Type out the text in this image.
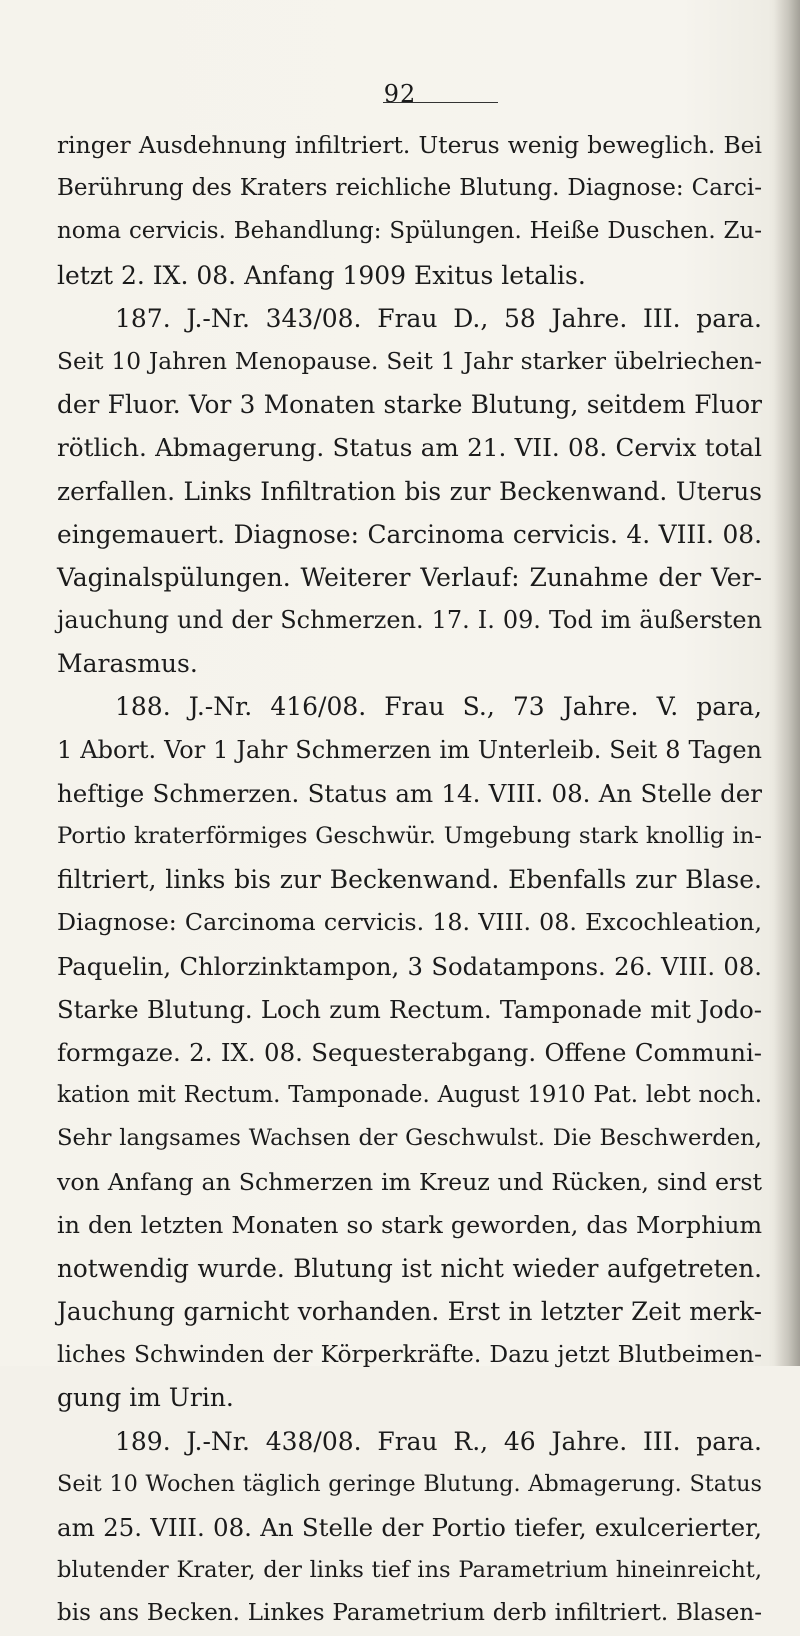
92
ringer Ausdehnung infiltriert. Uterus wenig beweglich. Bei
Berührung des Kraters reichliche Blutung. Diagnose: Carci-
noma cervicis. Behandlung: Spülungen. Heiße Duschen. Zu-
letzt 2. IX. 08. Anfang 1909 Exitus letalis.
187. J.-Nr. 343/08. Frau D., 58 Jahre. III. para.
Seit 10 Jahren Menopause. Seit 1 Jahr starker übelriechen-
der Fluor. Vor 3 Monaten starke Blutung, seitdem Fluor
rötlich. Abmagerung. Status am 21. VII. 08. Cervix total
zerfallen. Links Infiltration bis zur Beckenwand. Uterus
eingemauert. Diagnose: Carcinoma cervicis. 4. VIII. 08.
Vaginalspülungen. Weiterer Verlauf: Zunahme der Ver-
jauchung und der Schmerzen. 17. I. 09. Tod im äußersten
Marasmus.
188. J.-Nr. 416/08. Frau S., 73 Jahre. V. para,
1 Abort. Vor 1 Jahr Schmerzen im Unterleib. Seit 8 Tagen
heftige Schmerzen. Status am 14. VIII. 08. An Stelle der
Portio kraterförmiges Geschwür. Umgebung stark knollig in-
filtriert, links bis zur Beckenwand. Ebenfalls zur Blase.
Diagnose: Carcinoma cervicis. 18. VIII. 08. Excochleation,
Paquelin, Chlorzinktampon, 3 Sodatampons. 26. VIII. 08.
Starke Blutung. Loch zum Rectum. Tamponade mit Jodo-
formgaze. 2. IX. 08. Sequesterabgang. Offene Communi-
kation mit Rectum. Tamponade. August 1910 Pat. lebt noch.
Sehr langsames Wachsen der Geschwulst. Die Beschwerden,
von Anfang an Schmerzen im Kreuz und Rücken, sind erst
in den letzten Monaten so stark geworden, das Morphium
notwendig wurde. Blutung ist nicht wieder aufgetreten.
Jauchung garnicht vorhanden. Erst in letzter Zeit merk-
liches Schwinden der Körperkräfte. Dazu jetzt Blutbeimen-
gung im Urin.
189. J.-Nr. 438/08. Frau R., 46 Jahre. III. para.
Seit 10 Wochen täglich geringe Blutung. Abmagerung. Status
am 25. VIII. 08. An Stelle der Portio tiefer, exulcerierter,
blutender Krater, der links tief ins Parametrium hineinreicht,
bis ans Becken. Linkes Parametrium derb infiltriert. Blasen-
